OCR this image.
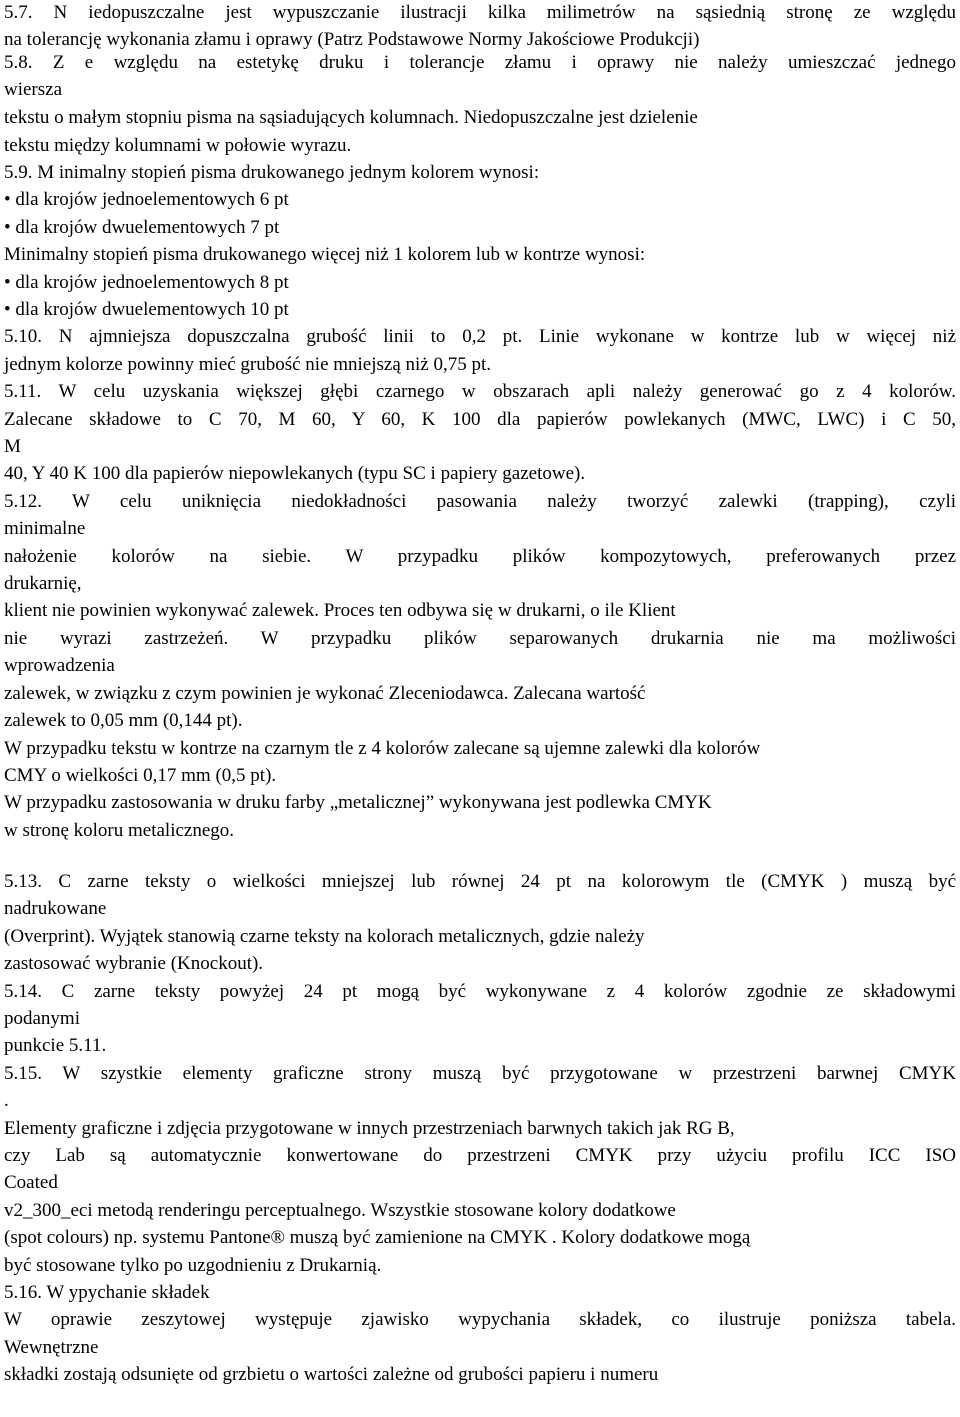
5.7. N iedopuszczalne jest wypuszczanie ilustracji kilka milimetrów na sąsiednią stronę ze względu
na tolerancję wykonania złamu i oprawy (Patrz Podstawowe Normy Jakościowe Produkcji)
5.8. Z e względu na estetykę druku i tolerancje złamu i oprawy nie należy umieszczać jednego
wiersza
tekstu o małym stopniu pisma na sąsiadujących kolumnach. Niedopuszczalne jest dzielenie
tekstu między kolumnami w połowie wyrazu.
5.9. M inimalny stopień pisma drukowanego jednym kolorem wynosi:
• dla krojów jednoelementowych 6 pt
• dla krojów dwuelementowych 7 pt
Minimalny stopień pisma drukowanego więcej niż 1 kolorem lub w kontrze wynosi:
• dla krojów jednoelementowych 8 pt
• dla krojów dwuelementowych 10 pt
5.10. N ajmniejsza dopuszczalna grubość linii to 0,2 pt. Linie wykonane w kontrze lub w więcej niż
jednym kolorze powinny mieć grubość nie mniejszą niż 0,75 pt.
5.11. W celu uzyskania większej głębi czarnego w obszarach apli należy generować go z 4 kolorów.
Zalecane składowe to C 70, M 60, Y 60, K 100 dla papierów powlekanych (MWC, LWC) i C 50,
M
40, Y 40 K 100 dla papierów niepowlekanych (typu SC i papiery gazetowe).
5.12. W celu uniknięcia niedokładności pasowania należy tworzyć zalewki (trapping), czyli
minimalne
nałożenie kolorów na siebie. W przypadku plików kompozytowych, preferowanych przez
drukarnię,
klient nie powinien wykonywać zalewek. Proces ten odbywa się w drukarni, o ile Klient
nie wyrazi zastrzeżeń. W przypadku plików separowanych drukarnia nie ma możliwości
wprowadzenia
zalewek, w związku z czym powinien je wykonać Zleceniodawca. Zalecana wartość
zalewek to 0,05 mm (0,144 pt).
W przypadku tekstu w kontrze na czarnym tle z 4 kolorów zalecane są ujemne zalewki dla kolorów
CMY o wielkości 0,17 mm (0,5 pt).
W przypadku zastosowania w druku farby „metalicznej” wykonywana jest podlewka CMYK
w stronę koloru metalicznego.
5.13. C zarne teksty o wielkości mniejszej lub równej 24 pt na kolorowym tle (CMYK ) muszą być
nadrukowane
(Overprint). Wyjątek stanowią czarne teksty na kolorach metalicznych, gdzie należy
zastosować wybranie (Knockout).
5.14. C zarne teksty powyżej 24 pt mogą być wykonywane z 4 kolorów zgodnie ze składowymi
podanymi
punkcie 5.11.
5.15. W szystkie elementy graficzne strony muszą być przygotowane w przestrzeni barwnej CMYK
.
Elementy graficzne i zdjęcia przygotowane w innych przestrzeniach barwnych takich jak RG B,
czy Lab są automatycznie konwertowane do przestrzeni CMYK przy użyciu profilu ICC ISO
Coated
v2_300_eci metodą renderingu perceptualnego. Wszystkie stosowane kolory dodatkowe
(spot colours) np. systemu Pantone® muszą być zamienione na CMYK . Kolory dodatkowe mogą
być stosowane tylko po uzgodnieniu z Drukarnią.
5.16. W ypychanie składek
W oprawie zeszytowej występuje zjawisko wypychania składek, co ilustruje poniższa tabela.
Wewnętrzne
składki zostają odsunięte od grzbietu o wartości zależne od grubości papieru i numeru
